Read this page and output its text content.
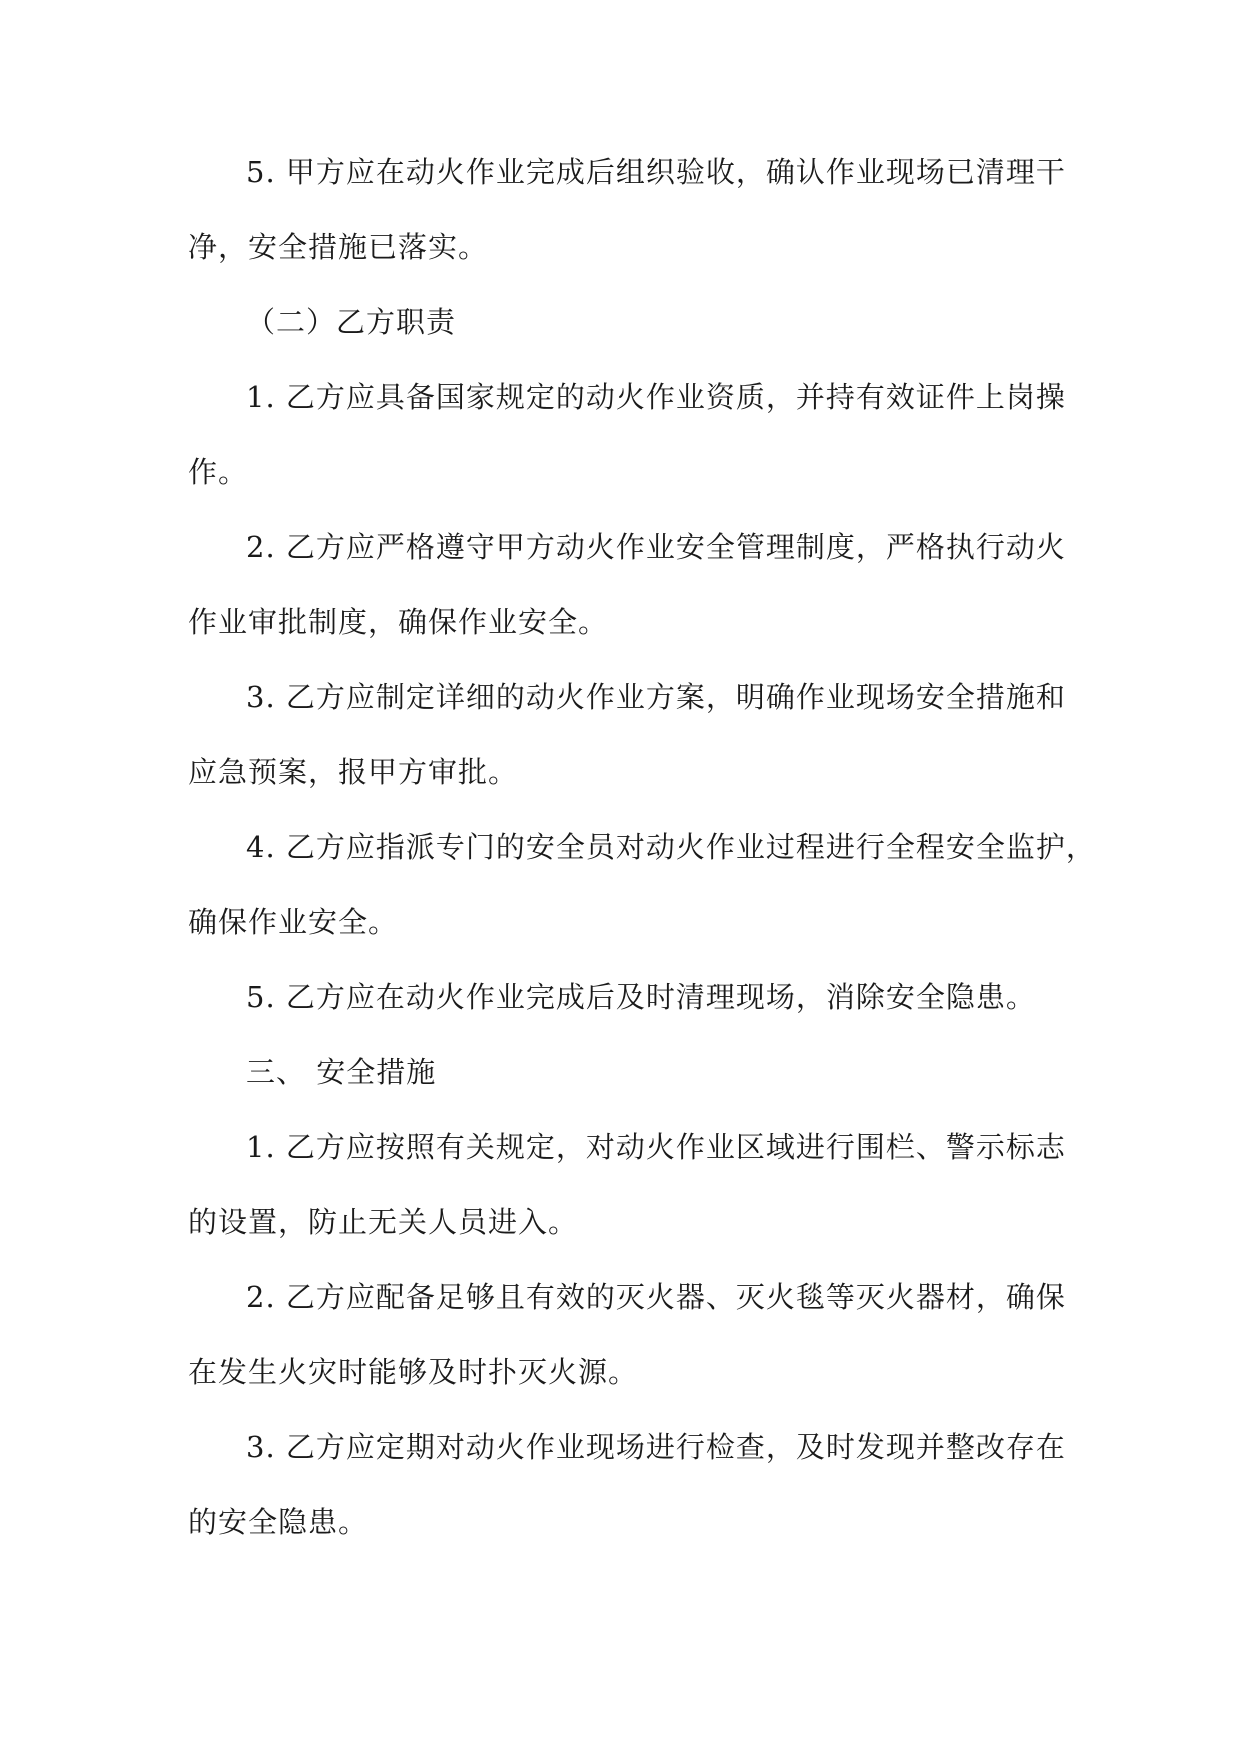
5. 甲方应在动火作业完成后组织验收，确认作业现场已清理干
净，安全措施已落实。
（二）乙方职责
1. 乙方应具备国家规定的动火作业资质，并持有效证件上岗操
作。
2. 乙方应严格遵守甲方动火作业安全管理制度，严格执行动火
作业审批制度，确保作业安全。
3. 乙方应制定详细的动火作业方案，明确作业现场安全措施和
应急预案，报甲方审批。
4. 乙方应指派专门的安全员对动火作业过程进行全程安全监护，
确保作业安全。
5. 乙方应在动火作业完成后及时清理现场，消除安全隐患。
三、 安全措施
1. 乙方应按照有关规定，对动火作业区域进行围栏、警示标志
的设置，防止无关人员进入。
2. 乙方应配备足够且有效的灭火器、灭火毯等灭火器材，确保
在发生火灾时能够及时扑灭火源。
3. 乙方应定期对动火作业现场进行检查，及时发现并整改存在
的安全隐患。
